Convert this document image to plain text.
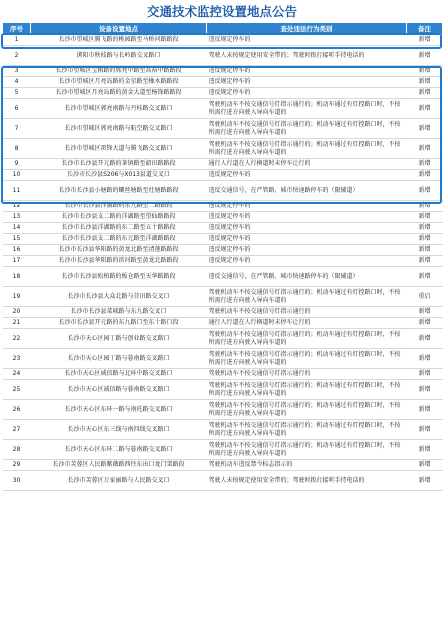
交通技术监控设置地点公告
序号	设备设置地点	查处违法行为类别	备注
1	长沙市望城区腾飞路的桃园路至马桥河路路段	违反规定停车的	新增
2	浏阳市秋枝路与长岭路交叉路口	驾驶人未按规定使用安全带的；驾驶时拨打接听手持电话的	新增
3	长沙市望城区宝粮路的郭亮中路至高裕中路路段	违反规定停车的	新增
4	长沙市望城区月亮岛路的金星路至橡木路路段	违反规定停车的	新增
5	长沙市望城区月亮岛路的黄金大道至杨锋路路段	违反规定停车的	新增
6	长沙市望城区郭亮南路与丹桂路交叉路口	驾驶机动车不按交通信号灯指示通行的；机动车通过有灯控路口时，不按所需行进方向驶入导向车道的	新增
7	长沙市望城区郭亮南路与航空路交叉路口	驾驶机动车不按交通信号灯指示通行的；机动车通过有灯控路口时，不按所需行进方向驶入导向车道的	新增
8	长沙市望城区雷锋大道与腾飞路交叉路口	驾驶机动车不按交通信号灯指示通行的；机动车通过有灯控路口时，不按所需行进方向驶入导向车道的	新增
9	长沙市长沙县开元路的茶镇路至韶田路路段	通行人行道在人行横道时未停车让行的	新增
10	长沙市长沙县S206与X013县道交叉口	违反规定停车的	新增
11	长沙市长沙县小塘路的螺丝塘路至灶塘路路段	违反交通信号，在严管路、城市快速路停车的（限辅道）	新增
12	长沙市长沙县洋湖路的东九路至二路路段	违反规定停车的	新增
13	长沙市长沙县支二路的洋湖路至望仙路路段	违反规定停车的	新增
14	长沙市长沙县洋湖路的东二路至五十路路段	违反规定停车的	新增
15	长沙市长沙县支二路的东元路至洋湖路路段	违反规定停车的	新增
16	长沙市长沙县华阳路的黄龙北路至清莲路路段	违反规定停车的	新增
17	长沙市长沙县华阳路的滨河路至黄龙北路路段	违反规定停车的	新增
18	长沙市长沙县松柏路的板仓路至天华路路段	违反交通信号，在严管路、城市快速路停车的（限辅道）	新增
19	长沙市长沙县大众北路与荳田路交叉口	驾驶机动车不按交通信号灯指示通行的；机动车通过有灯控路口时，不按所需行进方向驶入导向车道的	重启
20	长沙市长沙县菜城路与东九路交叉口	驾驶机动车不按交通信号灯指示通行的	新增
21	长沙市长沙县开元路的东九路口至东十路口段	通行人行道在人行横道时未停车让行的	新增
22	长沙市天心区园丁路与创业路交叉路口	驾驶机动车不按交通信号灯指示通行的；机动车通过有灯控路口时，不按所需行进方向驶入导向车道的	新增
23	长沙市天心区园丁路与暮南路交叉路口	驾驶机动车不按交通信号灯指示通行的；机动车通过有灯控路口时，不按所需行进方向驶入导向车道的	新增
24	长沙市天心区诚信路与北环中路交叉路口	驾驶机动车不按交通信号灯指示通行的	新增
25	长沙市天心区诚信路与暮南路交叉路口	驾驶机动车不按交通信号灯指示通行的；机动车通过有灯控路口时，不按所需行进方向驶入导向车道的	新增
26	长沙市天心区东环一路与南托路交叉路口	驾驶机动车不按交通信号灯指示通行的；机动车通过有灯控路口时，不按所需行进方向驶入导向车道的	新增
27	长沙市天心区东三线与南四线交叉路口	驾驶机动车不按交通信号灯指示通行的；机动车通过有灯控路口时，不按所需行进方向驶入导向车道的	新增
28	长沙市天心区东环二路与暮南路交叉路口	驾驶机动车不按交通信号灯指示通行的；机动车通过有灯控路口时，不按所需行进方向驶入导向车道的	新增
29	长沙市芙蓉区人民路紫薇路西往东出口龙门架路段	驾驶机动车违反禁令标志指示的	新增
30	长沙市芙蓉区万家丽路与人民路交叉口	驾驶人未按规定使用安全带的；驾驶时拨打接听手持电话的	新增
